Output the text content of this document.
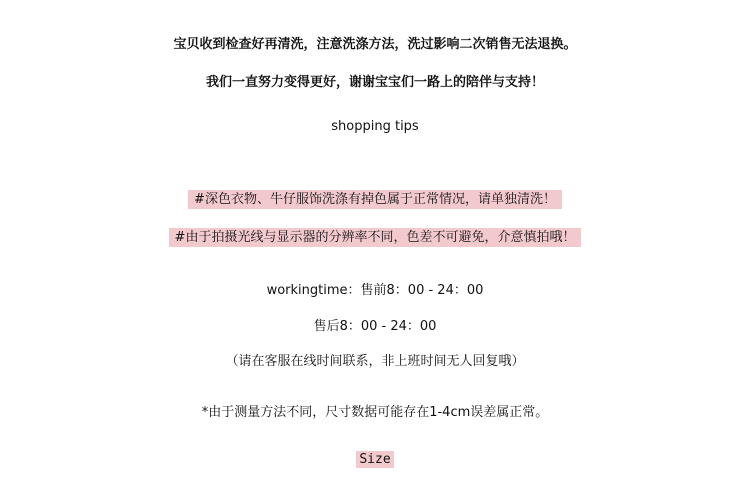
宝贝收到检查好再清洗，注意洗涤方法，洗过影响二次销售无法退换。
我们一直努力变得更好，谢谢宝宝们一路上的陪伴与支持！
shopping tips
#深色衣物、牛仔服饰洗涤有掉色属于正常情况，请单独清洗！
#由于拍摄光线与显示器的分辨率不同，色差不可避免，介意慎拍哦！
workingtime：售前8：00 - 24：00
售后8：00 - 24：00
（请在客服在线时间联系，非上班时间无人回复哦）
*由于测量方法不同，尺寸数据可能存在1-4cm误差属正常。
Size
